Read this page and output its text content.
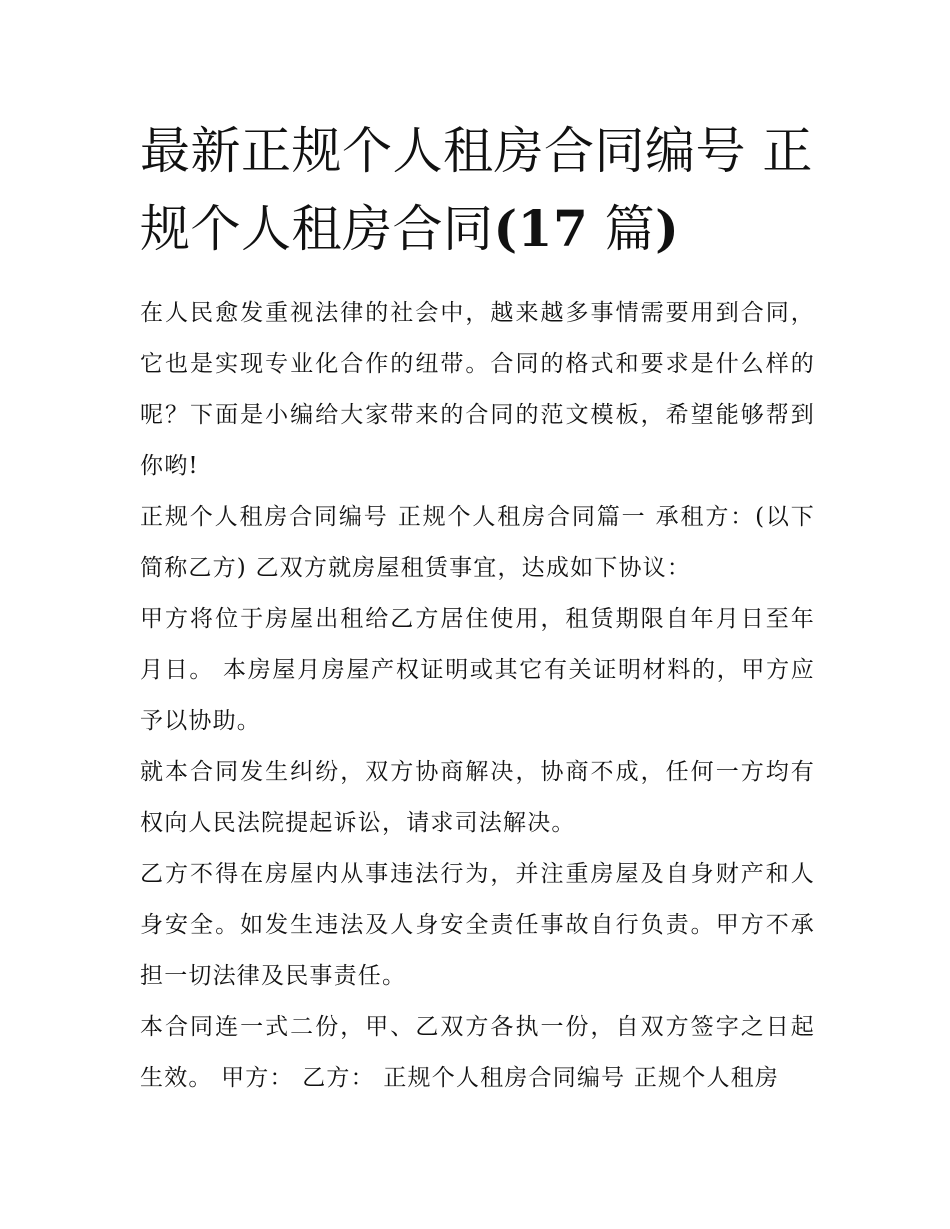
最新正规个人租房合同编号 正规个人租房合同(17 篇)

在人民愈发重视法律的社会中，越来越多事情需要用到合同，它也是实现专业化合作的纽带。合同的格式和要求是什么样的呢？下面是小编给大家带来的合同的范文模板，希望能够帮到你哟!

正规个人租房合同编号 正规个人租房合同篇一 承租方：(以下简称乙方) 乙双方就房屋租赁事宜，达成如下协议：

甲方将位于房屋出租给乙方居住使用，租赁期限自年月日至年月日。 本房屋月房屋产权证明或其它有关证明材料的，甲方应予以协助。

就本合同发生纠纷，双方协商解决，协商不成，任何一方均有权向人民法院提起诉讼，请求司法解决。

乙方不得在房屋内从事违法行为，并注重房屋及自身财产和人身安全。如发生违法及人身安全责任事故自行负责。甲方不承担一切法律及民事责任。

本合同连一式二份，甲、乙双方各执一份，自双方签字之日起生效。 甲方： 乙方： 正规个人租房合同编号 正规个人租房
